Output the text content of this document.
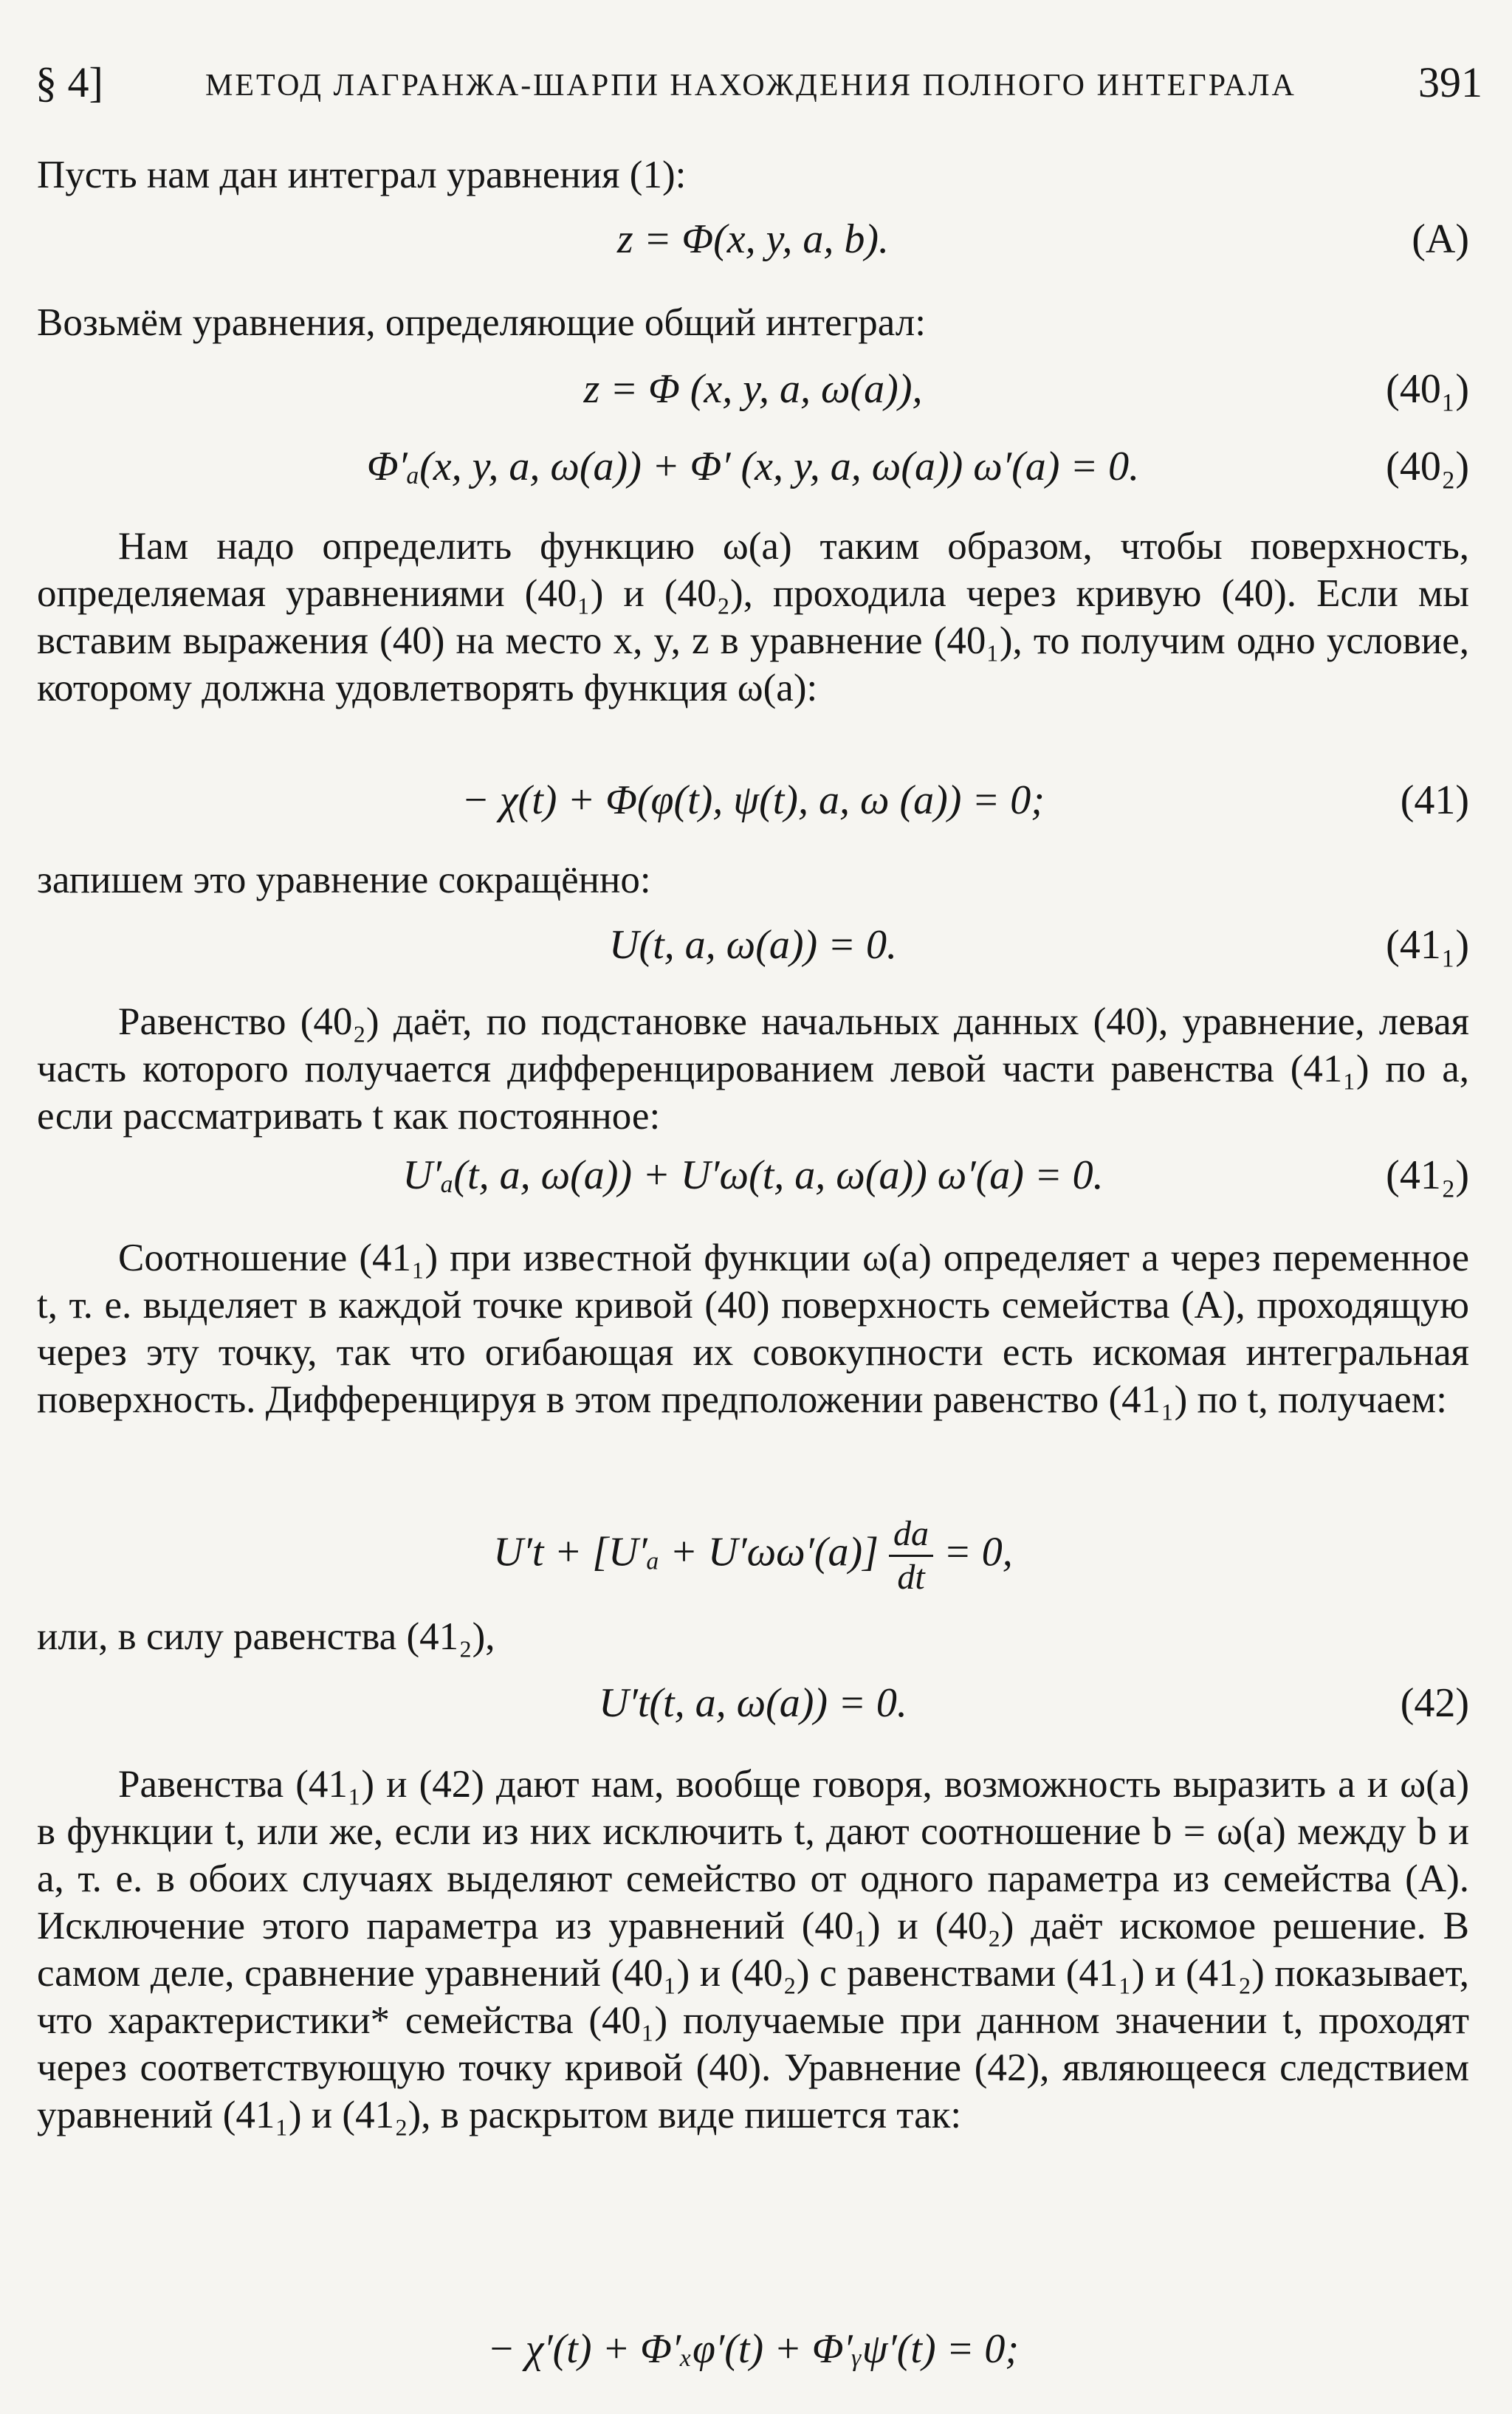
§ 4]	МЕТОД ЛАГРАНЖА-ШАРПИ НАХОЖДЕНИЯ ПОЛНОГО ИНТЕГРАЛА	391
Пусть нам дан интеграл уравнения (1):
z = Φ(x, y, a, b).	(A)
Возьмём уравнения, определяющие общий интеграл:
z = Φ (x, y, a, ω(a)),	(40₁)
Φ′ₐ(x, y, a, ω(a)) + Φ′ (x, y, a, ω(a)) ω′(a) = 0.	(40₂)
Нам надо определить функцию ω(a) таким образом, чтобы поверхность, определяемая уравнениями (40₁) и (40₂), проходила через кривую (40). Если мы вставим выражения (40) на место x, y, z в уравнение (40₁), то получим одно условие, которому должна удовлетворять функция ω(a):
− χ(t) + Φ(φ(t), ψ(t), a, ω (a)) = 0;	(41)
запишем это уравнение сокращённо:
U(t, a, ω(a)) = 0.	(41₁)
Равенство (40₂) даёт, по подстановке начальных данных (40), уравнение, левая часть которого получается дифференцированием левой части равенства (41₁) по a, если рассматривать t как постоянное:
U′ₐ(t, a, ω(a)) + U′ω(t, a, ω(a)) ω′(a) = 0.	(41₂)
Соотношение (41₁) при известной функции ω(a) определяет a через переменное t, т. е. выделяет в каждой точке кривой (40) поверхность семейства (A), проходящую через эту точку, так что огибающая их совокупности есть искомая интегральная поверхность. Дифференцируя в этом предположении равенство (41₁) по t, получаем:
$U't + [U'_a + U'\omega\omega'(a)] \frac{da}{dt} = 0$,
или, в силу равенства (41₂),
U′t(t, a, ω(a)) = 0.	(42)
Равенства (41₁) и (42) дают нам, вообще говоря, возможность выразить a и ω(a) в функции t, или же, если из них исключить t, дают соотношение b = ω(a) между b и a, т. е. в обоих случаях выделяют семейство от одного параметра из семейства (A). Исключение этого параметра из уравнений (40₁) и (40₂) даёт искомое решение. В самом деле, сравнение уравнений (40₁) и (40₂) с равенствами (41₁) и (41₂) показывает, что характеристики* семейства (40₁) получаемые при данном значении t, проходят через соответствующую точку кривой (40). Уравнение (42), являющееся следствием уравнений (41₁) и (41₂), в раскрытом виде пишется так:
− χ′(t) + Φ′ₓφ′(t) + Φ′ᵧψ′(t) = 0;
